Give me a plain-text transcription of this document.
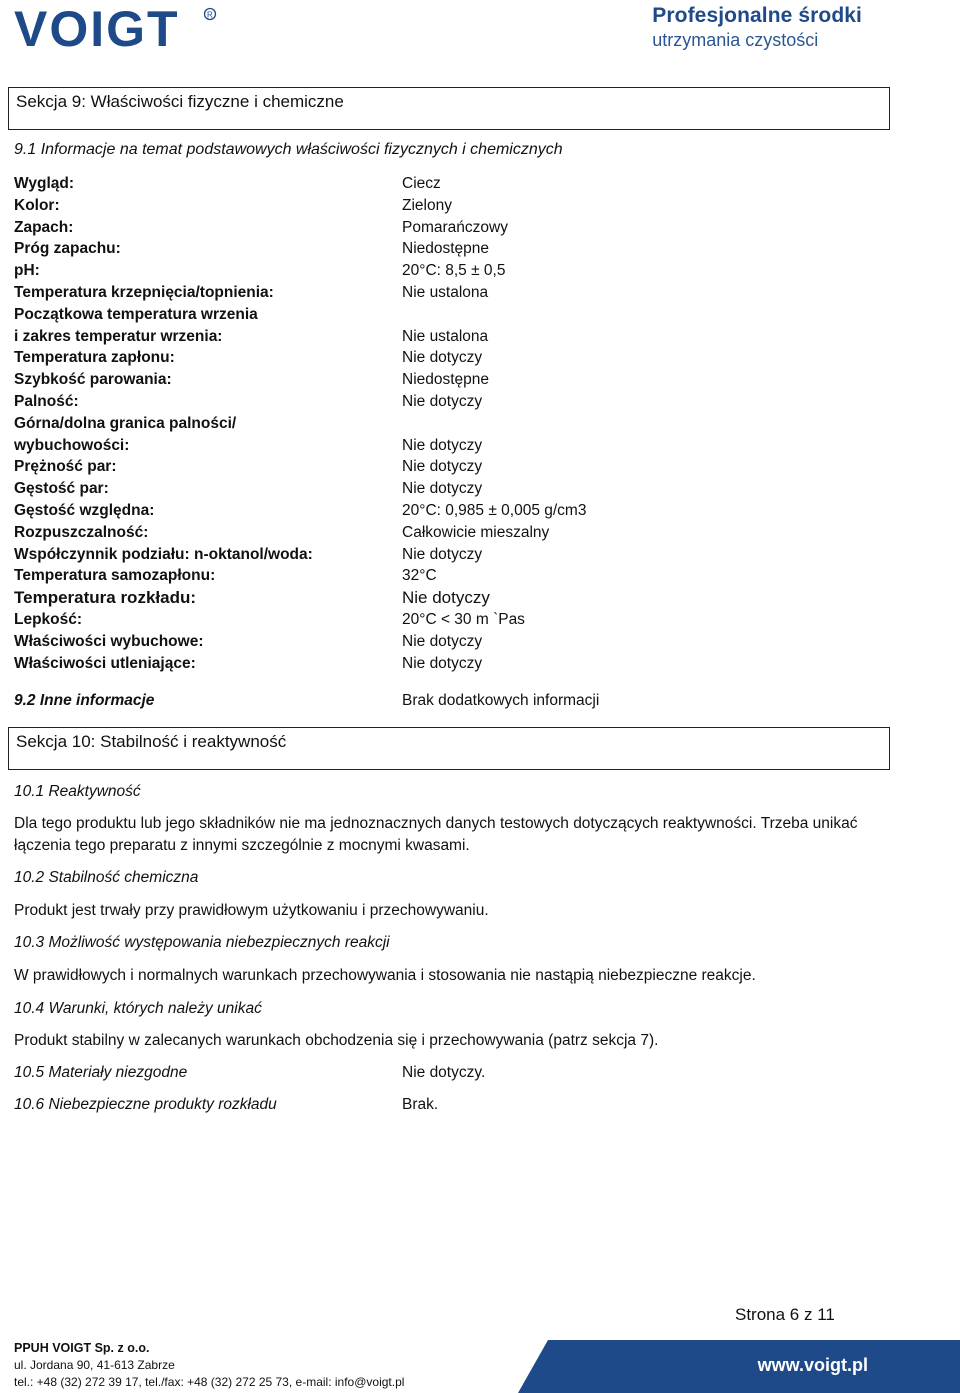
VOIGT	R	Profesjonalne środki
utrzymania czystości
Sekcja 9: Właściwości fizyczne i chemiczne
9.1 Informacje na temat podstawowych właściwości fizycznych i chemicznych
Wygląd:	Ciecz
Kolor:	Zielony
Zapach:	Pomarańczowy
Próg zapachu:	Niedostępne
pH:	20°C: 8,5 ± 0,5
Temperatura krzepnięcia/topnienia:	Nie ustalona
Początkowa temperatura wrzenia
i zakres temperatur wrzenia:	Nie ustalona
Temperatura zapłonu:	Nie dotyczy
Szybkość parowania:	Niedostępne
Palność:	Nie dotyczy
Górna/dolna granica palności/
wybuchowości:	Nie dotyczy
Prężność par:	Nie dotyczy
Gęstość par:	Nie dotyczy
Gęstość względna:	20°C: 0,985 ± 0,005 g/cm3
Rozpuszczalność:	Całkowicie mieszalny
Współczynnik podziału: n-oktanol/woda:	Nie dotyczy
Temperatura samozapłonu:	32°C
Temperatura rozkładu:	Nie dotyczy
Lepkość:	20°C < 30 m `Pas
Właściwości wybuchowe:	Nie dotyczy
Właściwości utleniające:	Nie dotyczy
9.2 Inne informacje	Brak dodatkowych informacji
Sekcja 10: Stabilność i reaktywność
10.1 Reaktywność
Dla tego produktu lub jego składników nie ma jednoznacznych danych testowych dotyczących reaktywności. Trzeba unikać łączenia tego preparatu z innymi szczególnie z mocnymi kwasami.
10.2 Stabilność chemiczna
Produkt jest trwały przy prawidłowym użytkowaniu i przechowywaniu.
10.3 Możliwość występowania niebezpiecznych reakcji
W prawidłowych i normalnych warunkach przechowywania i stosowania nie nastąpią niebezpieczne reakcje.
10.4 Warunki, których należy unikać
Produkt stabilny w zalecanych warunkach obchodzenia się i przechowywania (patrz sekcja 7).
10.5 Materiały niezgodne	Nie dotyczy.
10.6 Niebezpieczne produkty rozkładu	Brak.
Strona 6 z 11
PPUH VOIGT Sp. z o.o.
ul. Jordana 90, 41-613 Zabrze
tel.: +48 (32) 272 39 17, tel./fax: +48 (32) 272 25 73, e-mail: info@voigt.pl
www.voigt.pl
